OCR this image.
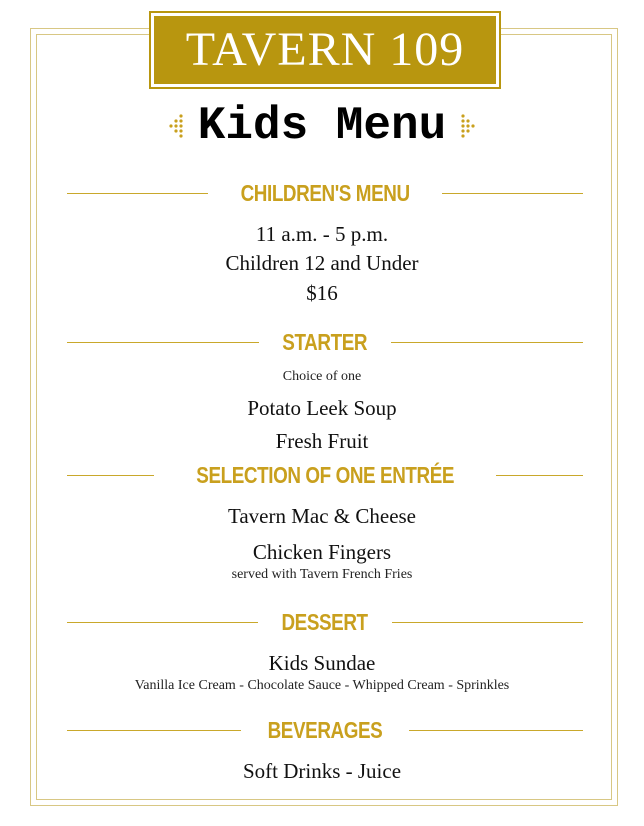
TAVERN 109
Kids Menu
CHILDREN'S MENU
11 a.m. - 5 p.m.
Children 12 and Under
$16
STARTER
Choice of one
Potato Leek Soup
Fresh Fruit
SELECTION OF ONE ENTRÉE
Tavern Mac & Cheese
Chicken Fingers
served with Tavern French Fries
DESSERT
Kids Sundae
Vanilla Ice Cream - Chocolate Sauce - Whipped Cream - Sprinkles
BEVERAGES
Soft Drinks - Juice
